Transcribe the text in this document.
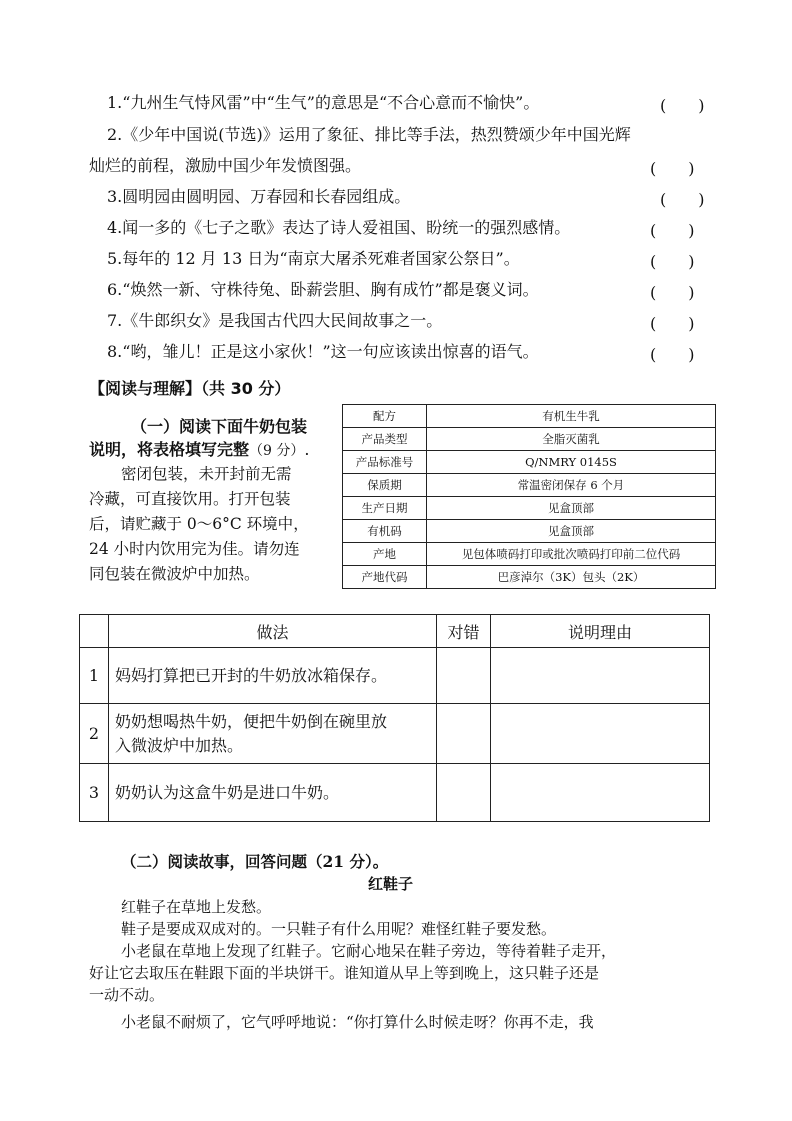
1.“九州生气恃风雷”中“生气”的意思是“不合心意而不愉快”。	(　　)
2.《少年中国说(节选)》运用了象征、排比等手法，热烈赞颂少年中国光辉
灿烂的前程，激励中国少年发愤图强。	(　　)
3.圆明园由圆明园、万春园和长春园组成。	(　　)
4.闻一多的《七子之歌》表达了诗人爱祖国、盼统一的强烈感情。	(　　)
5.每年的 12 月 13 日为“南京大屠杀死难者国家公祭日”。	(　　)
6.“焕然一新、守株待兔、卧薪尝胆、胸有成竹”都是褒义词。	(　　)
7.《牛郎织女》是我国古代四大民间故事之一。	(　　)
8.“哟，雏儿！正是这小家伙！”这一句应该读出惊喜的语气。	(　　)
【阅读与理解】（共 30 分）
（一）阅读下面牛奶包装
说明，将表格填写完整（9 分）.
密闭包装，未开封前无需
冷藏，可直接饮用。打开包装
后，请贮藏于 0～6°C 环境中，
24 小时内饮用完为佳。请勿连
同包装在微波炉中加热。
配方	有机生牛乳
产品类型	全脂灭菌乳
产品标准号	Q/NMRY 0145S
保质期	常温密闭保存 6 个月
生产日期	见盒顶部
有机码	见盒顶部
产地	见包体喷码打印或批次喷码打印前二位代码
产地代码	巴彦淖尔（3K）包头（2K）
	做法	对错	说明理由
1	妈妈打算把已开封的牛奶放冰箱保存。		

2	奶奶想喝热牛奶，便把牛奶倒在碗里放
入微波炉中加热。		

3	奶奶认为这盒牛奶是进口牛奶。		

（二）阅读故事，回答问题（21 分）。
红鞋子
红鞋子在草地上发愁。
鞋子是要成双成对的。一只鞋子有什么用呢？难怪红鞋子要发愁。
小老鼠在草地上发现了红鞋子。它耐心地呆在鞋子旁边，等待着鞋子走开，
好让它去取压在鞋跟下面的半块饼干。谁知道从早上等到晚上，这只鞋子还是
一动不动。
小老鼠不耐烦了，它气呼呼地说：“你打算什么时候走呀？你再不走，我
